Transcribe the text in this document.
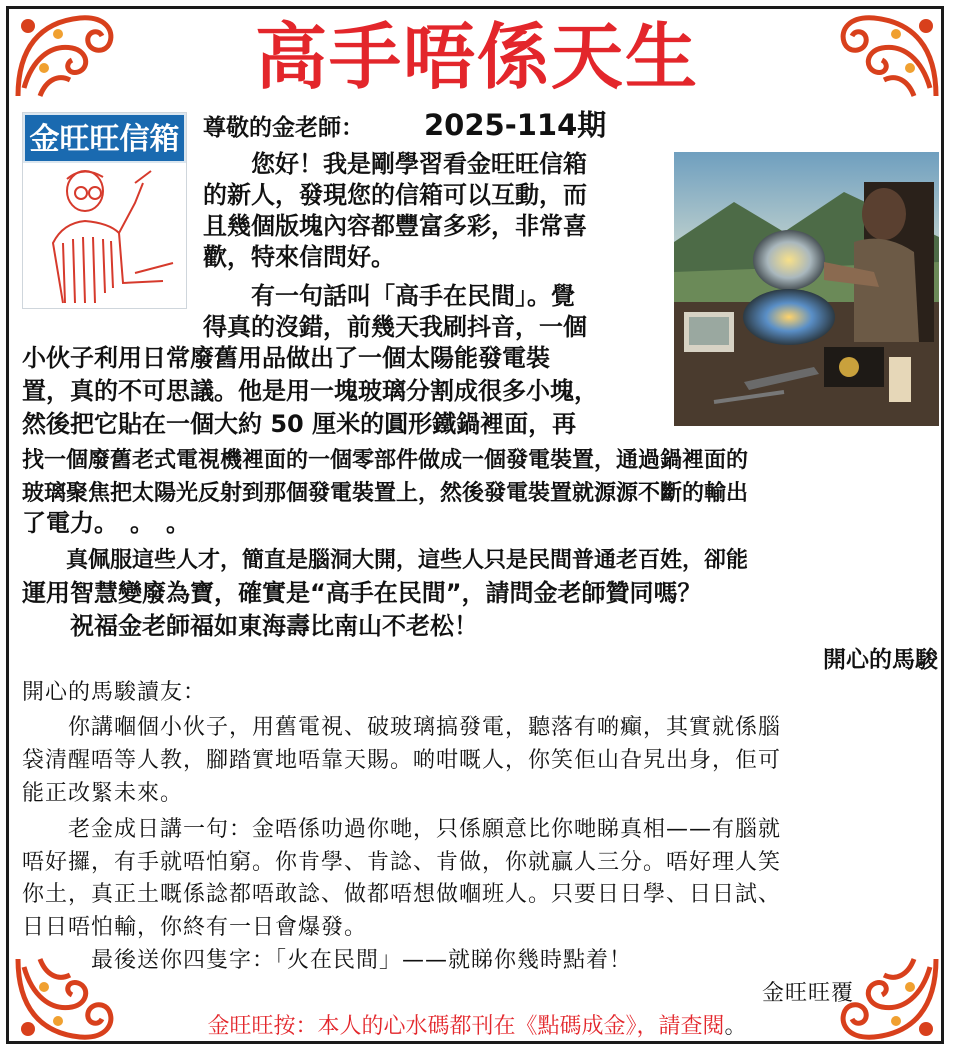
高手唔係天生
金旺旺信箱 尊敬的金老師： 2025-114期
　　您好！我是剛學習看金旺旺信箱
的新人，發現您的信箱可以互動，而
且幾個版塊內容都豐富多彩，非常喜
歡，特來信問好。
　　有一句話叫「高手在民間」。覺
得真的沒錯，前幾天我刷抖音，一個
小伙子利用日常廢舊用品做出了一個太陽能發電裝
置，真的不可思議。他是用一塊玻璃分割成很多小塊，
然後把它貼在一個大約 50 厘米的圓形鐵鍋裡面，再
找一個廢舊老式電視機裡面的一個零部件做成一個發電裝置，通過鍋裡面的
玻璃聚焦把太陽光反射到那個發電裝置上，然後發電裝置就源源不斷的輸出
了電力。　。　。
　　真佩服這些人才，簡直是腦洞大開，這些人只是民間普通老百姓，卻能
運用智慧變廢為寶，確實是“高手在民間”，請問金老師贊同嗎？
　　祝福金老師福如東海壽比南山不老松！
開心的馬駿
開心的馬駿讀友：
　　你講嗰個小伙子，用舊電視、破玻璃搞發電，聽落有啲癲，其實就係腦
袋清醒唔等人教，腳踏實地唔靠天賜。啲咁嘅人，你笑佢山旮旯出身，佢可
能正改緊未來。
　　老金成日講一句：金唔係叻過你哋，只係願意比你哋睇真相——有腦就
唔好攞，有手就唔怕窮。你肯學、肯諗、肯做，你就贏人三分。唔好理人笑
你土，真正土嘅係諗都唔敢諗、做都唔想做嗰班人。只要日日學、日日試、
日日唔怕輸，你終有一日會爆發。
　　　最後送你四隻字：「火在民間」——就睇你幾時點着！
金旺旺覆
金旺旺按：本人的心水碼都刊在《點碼成金》，請查閱。
